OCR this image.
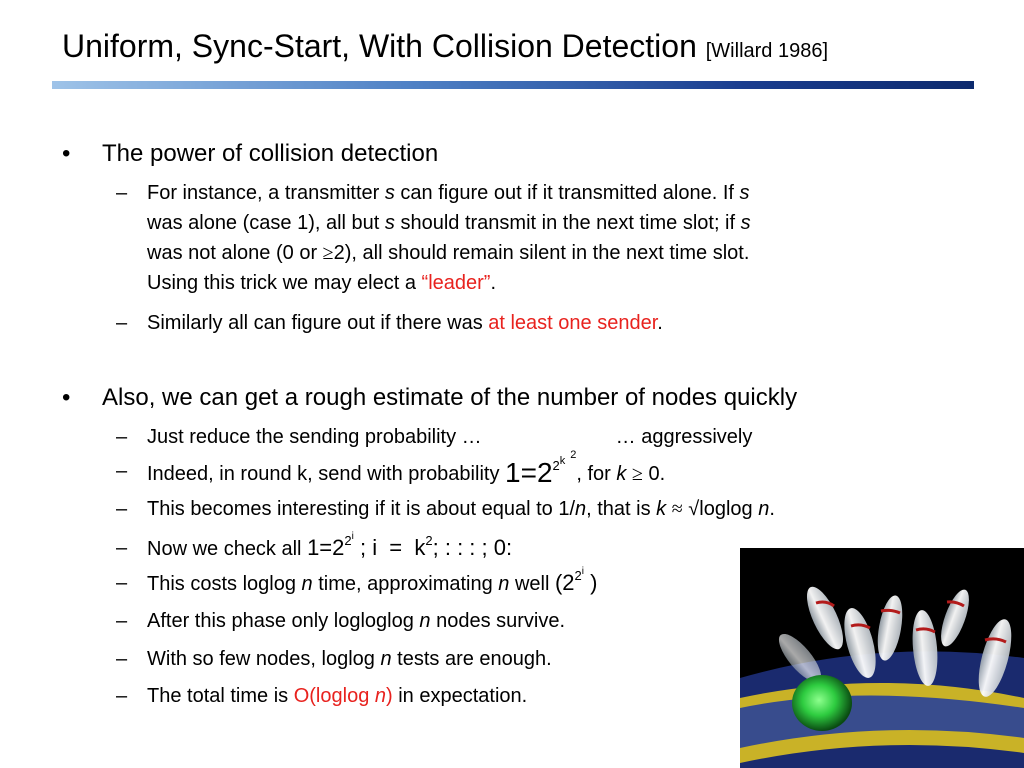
Uniform, Sync-Start, With Collision Detection [Willard 1986]
• The power of collision detection
– For instance, a transmitter s can figure out if it transmitted alone. If s
was alone (case 1), all but s should transmit in the next time slot; if s
was not alone (0 or ≥2), all should remain silent in the next time slot.
Using this trick we may elect a “leader”.
– Similarly all can figure out if there was at least one sender.
• Also, we can get a rough estimate of the number of nodes quickly
– Just reduce the sending probability …	… aggressively
– Indeed, in round k, send with probability $1=2^{2k}$ $^2$, for k ≥ 0.
– This becomes interesting if it is about equal to 1/n, that is k ≈ √loglog n.
– Now we check all $1=2^{2i}$ ; $i = k^2$; : : : ; 0:
– This costs loglog n time, approximating n well ($2^{2i}$ )
– After this phase only logloglog n nodes survive.
– With so few nodes, loglog n tests are enough.
– The total time is O(loglog n) in expectation.
